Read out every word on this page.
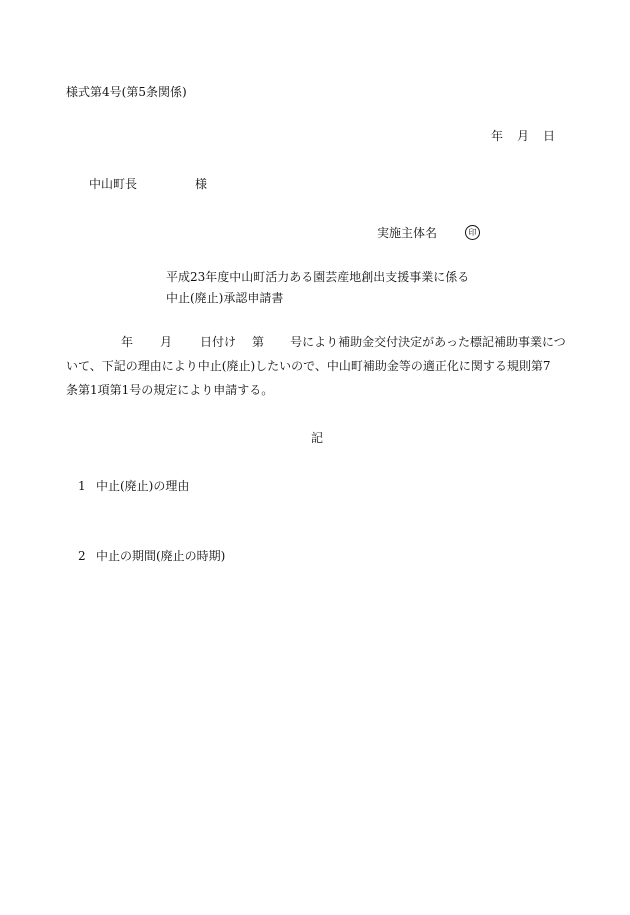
様式第4号(第5条関係)
年 月 日
中山町長	様
実施主体名	印
平成23年度中山町活力ある園芸産地創出支援事業に係る
中止(廃止)承認申請書
年 月 日付け 第 号により補助金交付決定があった標記補助事業につ
いて、下記の理由により中止(廃止)したいので、中山町補助金等の適正化に関する規則第7
条第1項第1号の規定により申請する。
記
1 中止(廃止)の理由
2 中止の期間(廃止の時期)
